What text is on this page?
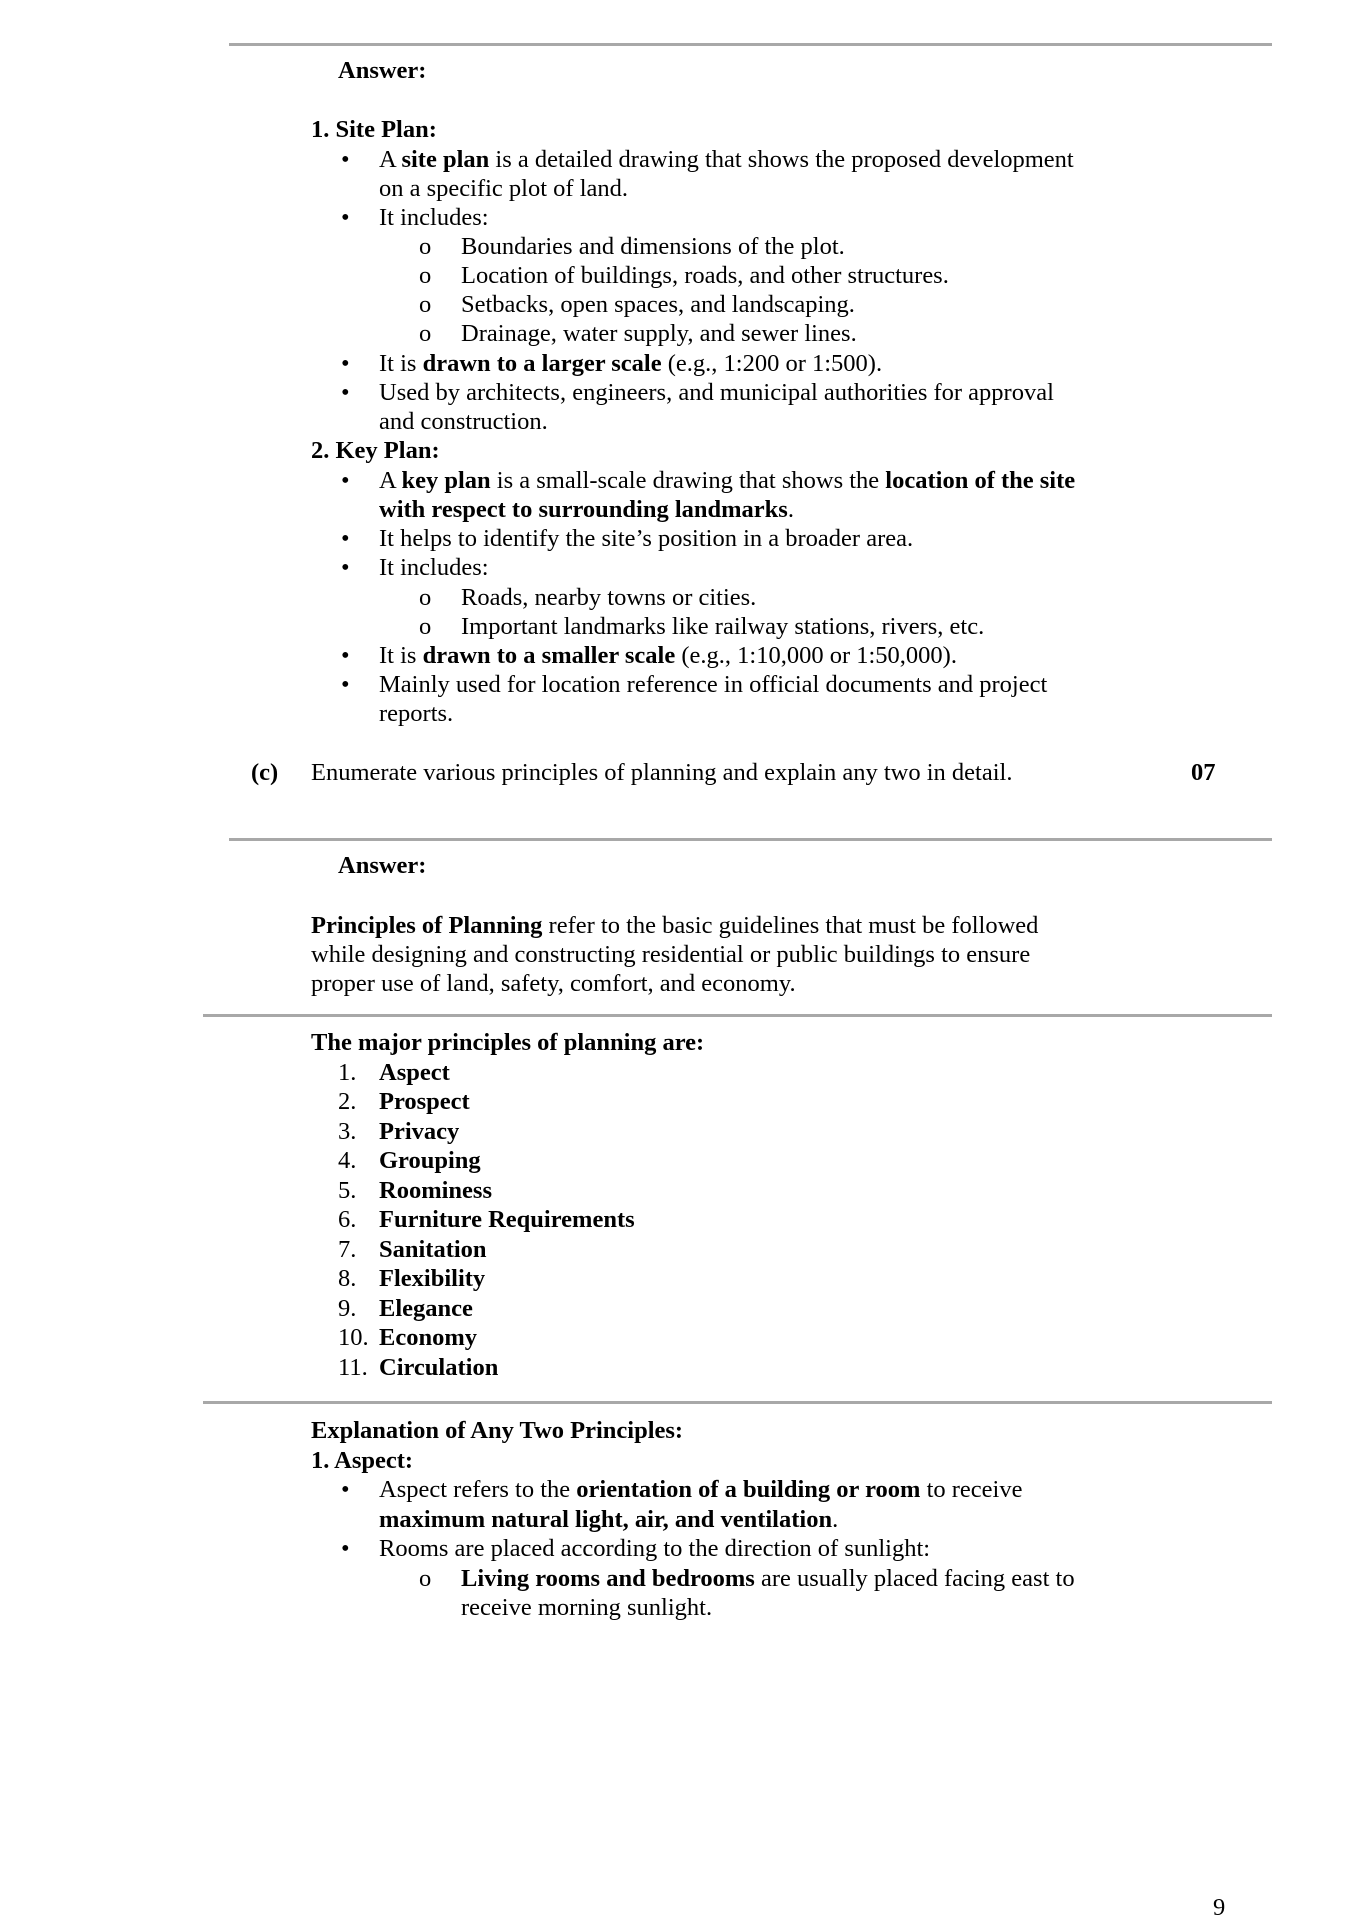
Answer:
1. Site Plan:
• A site plan is a detailed drawing that shows the proposed development
on a specific plot of land.
• It includes:
o Boundaries and dimensions of the plot.
o Location of buildings, roads, and other structures.
o Setbacks, open spaces, and landscaping.
o Drainage, water supply, and sewer lines.
• It is drawn to a larger scale (e.g., 1:200 or 1:500).
• Used by architects, engineers, and municipal authorities for approval
and construction.
2. Key Plan:
• A key plan is a small-scale drawing that shows the location of the site
with respect to surrounding landmarks.
• It helps to identify the site’s position in a broader area.
• It includes:
o Roads, nearby towns or cities.
o Important landmarks like railway stations, rivers, etc.
• It is drawn to a smaller scale (e.g., 1:10,000 or 1:50,000).
• Mainly used for location reference in official documents and project
reports.
(c) Enumerate various principles of planning and explain any two in detail.	07
Answer:
Principles of Planning refer to the basic guidelines that must be followed
while designing and constructing residential or public buildings to ensure
proper use of land, safety, comfort, and economy.
The major principles of planning are:
1. Aspect
2. Prospect
3. Privacy
4. Grouping
5. Roominess
6. Furniture Requirements
7. Sanitation
8. Flexibility
9. Elegance
10. Economy
11. Circulation
Explanation of Any Two Principles:
1. Aspect:
• Aspect refers to the orientation of a building or room to receive
maximum natural light, air, and ventilation.
• Rooms are placed according to the direction of sunlight:
o Living rooms and bedrooms are usually placed facing east to
receive morning sunlight.
9
